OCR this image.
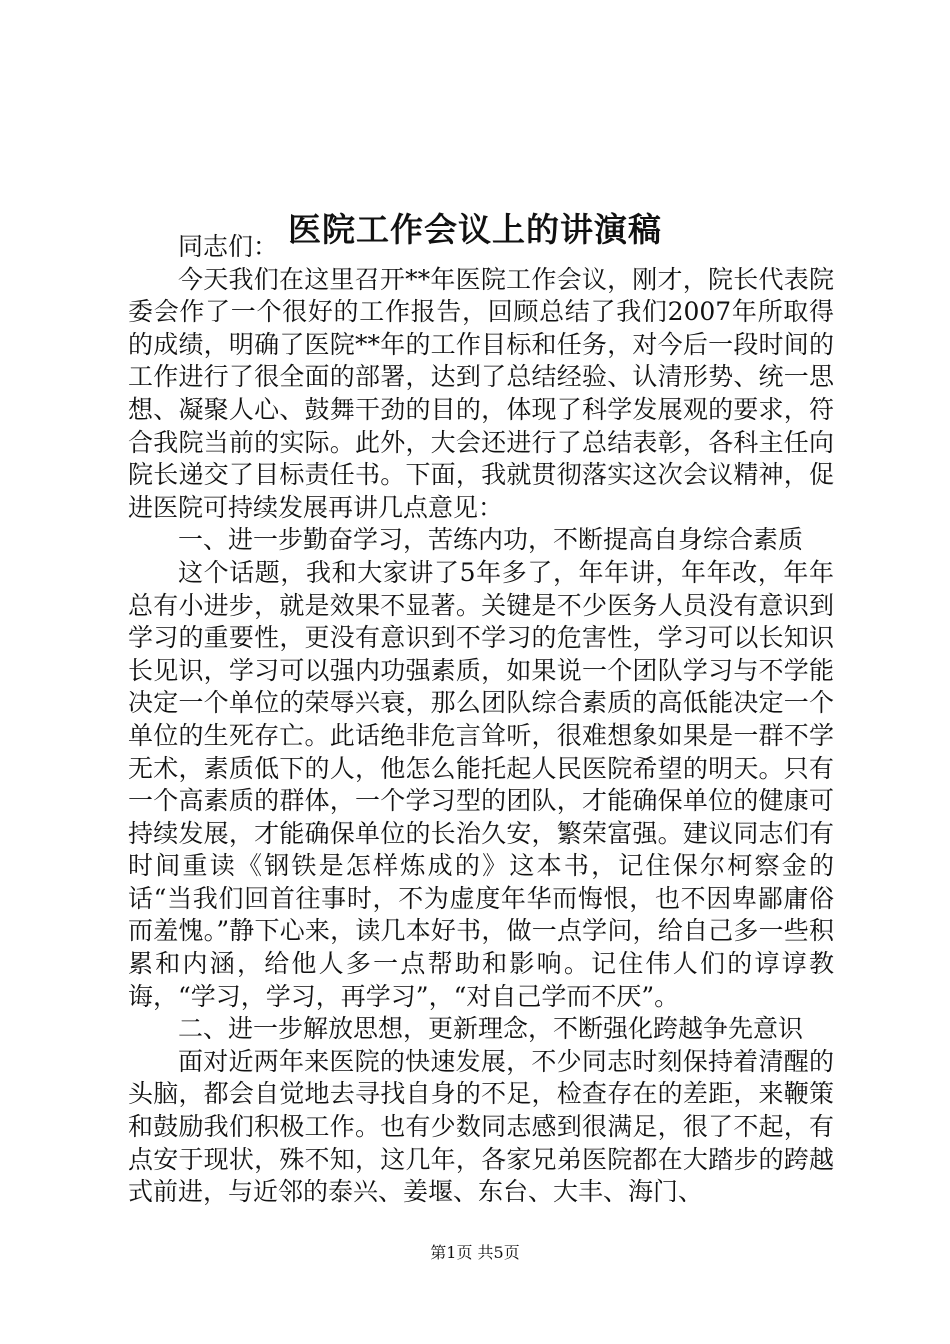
医院工作会议上的讲演稿

同志们：

今天我们在这里召开**年医院工作会议，刚才，院长代表院委会作了一个很好的工作报告，回顾总结了我们2007年所取得的成绩，明确了医院**年的工作目标和任务，对今后一段时间的工作进行了很全面的部署，达到了总结经验、认清形势、统一思想、凝聚人心、鼓舞干劲的目的，体现了科学发展观的要求，符合我院当前的实际。此外，大会还进行了总结表彰，各科主任向院长递交了目标责任书。下面，我就贯彻落实这次会议精神，促进医院可持续发展再讲几点意见：

一、进一步勤奋学习，苦练内功，不断提高自身综合素质

这个话题，我和大家讲了5年多了，年年讲，年年改，年年总有小进步，就是效果不显著。关键是不少医务人员没有意识到学习的重要性，更没有意识到不学习的危害性，学习可以长知识长见识，学习可以强内功强素质，如果说一个团队学习与不学能决定一个单位的荣辱兴衰，那么团队综合素质的高低能决定一个单位的生死存亡。此话绝非危言耸听，很难想象如果是一群不学无术，素质低下的人，他怎么能托起人民医院希望的明天。只有一个高素质的群体，一个学习型的团队，才能确保单位的健康可持续发展，才能确保单位的长治久安，繁荣富强。建议同志们有时间重读《钢铁是怎样炼成的》这本书，记住保尔柯察金的话“当我们回首往事时，不为虚度年华而悔恨，也不因卑鄙庸俗而羞愧。”静下心来，读几本好书，做一点学问，给自己多一些积累和内涵，给他人多一点帮助和影响。记住伟人们的谆谆教诲，“学习，学习，再学习”，“对自己学而不厌”。

二、进一步解放思想，更新理念，不断强化跨越争先意识

面对近两年来医院的快速发展，不少同志时刻保持着清醒的头脑，都会自觉地去寻找自身的不足，检查存在的差距，来鞭策和鼓励我们积极工作。也有少数同志感到很满足，很了不起，有点安于现状，殊不知，这几年，各家兄弟医院都在大踏步的跨越式前进，与近邻的泰兴、姜堰、东台、大丰、海门、

第1页 共5页
